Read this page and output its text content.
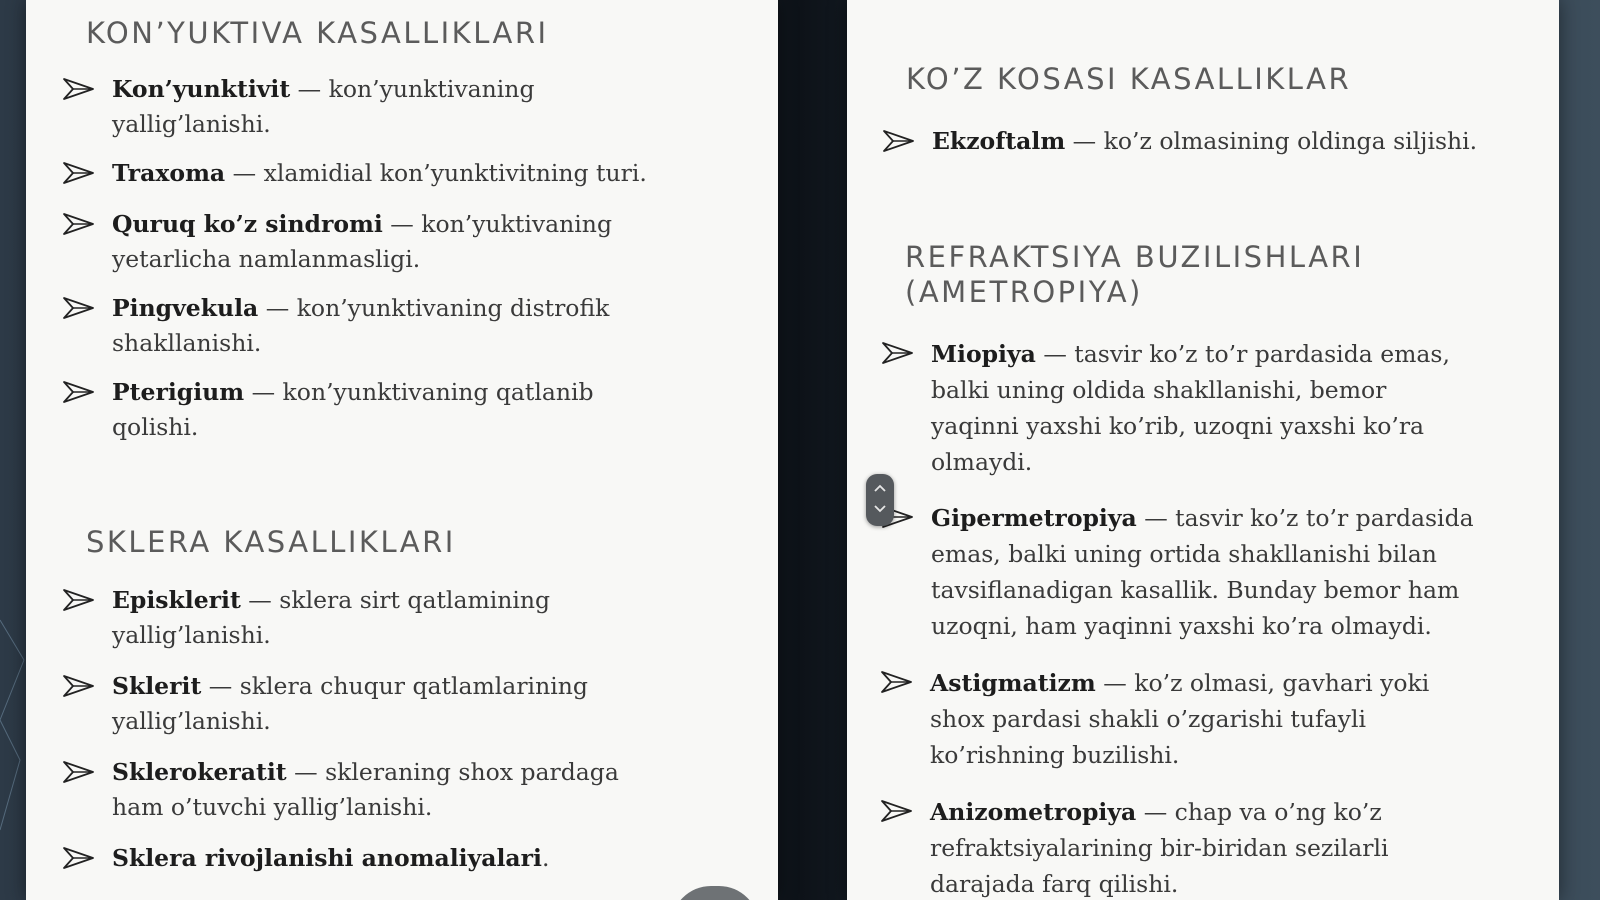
KON’YUKTIVA KASALLIKLARI
Kon’yunktivit — kon’yunktivaning
yallig’lanishi.
Traxoma — xlamidial kon’yunktivitning turi.
Quruq ko’z sindromi — kon’yuktivaning
yetarlicha namlanmasligi.
Pingvekula — kon’yunktivaning distrofik
shakllanishi.
Pterigium — kon’yunktivaning qatlanib
qolishi.
SKLERA KASALLIKLARI
Episklerit — sklera sirt qatlamining
yallig’lanishi.
Sklerit — sklera chuqur qatlamlarining
yallig’lanishi.
Sklerokeratit — skleraning shox pardaga
ham o’tuvchi yallig’lanishi.
Sklera rivojlanishi anomaliyalari.
KO’Z KOSASI KASALLIKLAR
Ekzoftalm — ko’z olmasining oldinga siljishi.
REFRAKTSIYA BUZILISHLARI
(AMETROPIYA)
Miopiya — tasvir ko’z to’r pardasida emas,
balki uning oldida shakllanishi, bemor
yaqinni yaxshi ko’rib, uzoqni yaxshi ko’ra
olmaydi.
Gipermetropiya — tasvir ko’z to’r pardasida
emas, balki uning ortida shakllanishi bilan
tavsiflanadigan kasallik. Bunday bemor ham
uzoqni, ham yaqinni yaxshi ko’ra olmaydi.
Astigmatizm — ko’z olmasi, gavhari yoki
shox pardasi shakli o’zgarishi tufayli
ko’rishning buzilishi.
Anizometropiya — chap va o’ng ko’z
refraktsiyalarining bir-biridan sezilarli
darajada farq qilishi.
